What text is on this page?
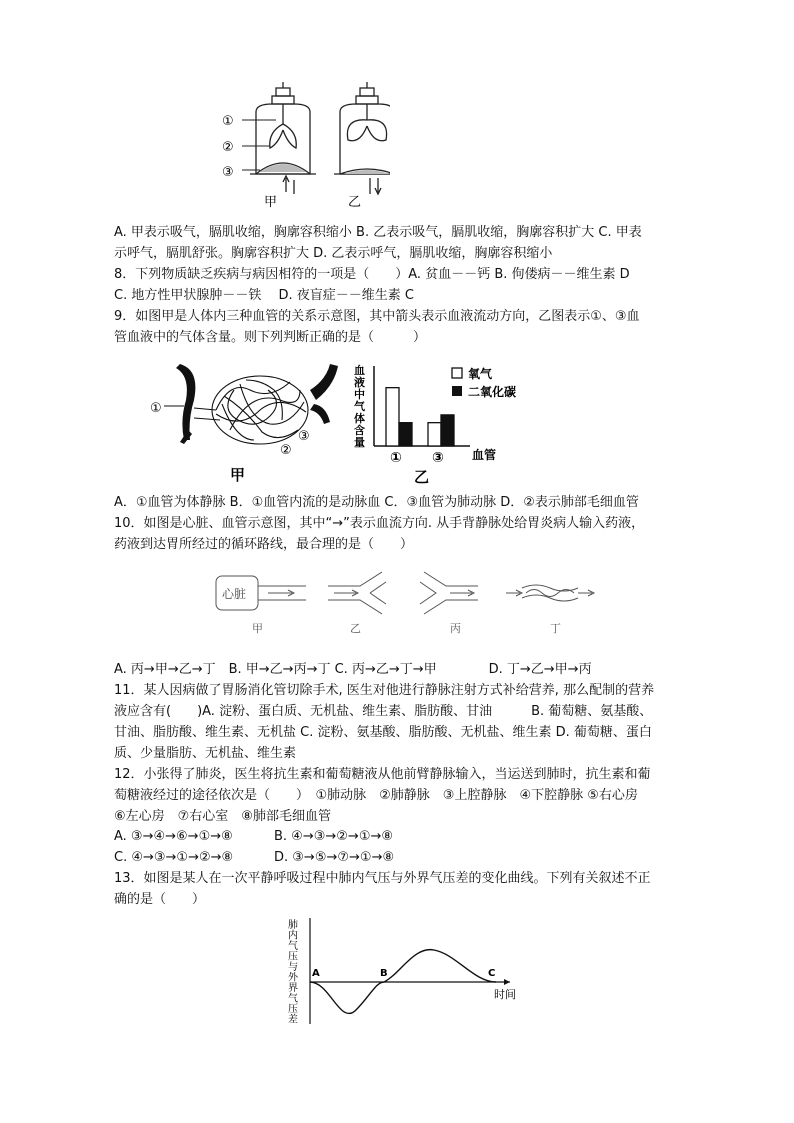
①
②
③
甲	乙
A. 甲表示吸气，膈肌收缩，胸廓容积缩小 B. 乙表示吸气，膈肌收缩，胸廓容积扩大 C. 甲表
示呼气，膈肌舒张。胸廓容积扩大 D. 乙表示呼气，膈肌收缩，胸廓容积缩小
8．下列物质缺乏疾病与病因相符的一项是（　　）A. 贫血－－钙 B. 佝偻病－－维生素 D
C. 地方性甲状腺肿－－铁　 D. 夜盲症－－维生素 C
9．如图甲是人体内三种血管的关系示意图，其中箭头表示血液流动方向，乙图表示①、③血
管血液中的气体含量。则下列判断正确的是（　　　）
①
②
③
甲
血
液
中
气
体
含
量
氧气
二氧化碳
血管
① ③
乙
A．①血管为体静脉 B．①血管内流的是动脉血 C．③血管为肺动脉 D．②表示肺部毛细血管
10．如图是心脏、血管示意图，其中“→”表示血流方向. 从手背静脉处给胃炎病人输入药液，
药液到达胃所经过的循环路线，最合理的是（　　）
心脏
甲	乙	丙	丁
A. 丙→甲→乙→丁　B. 甲→乙→丙→丁 C. 丙→乙→丁→甲　　　　D. 丁→乙→甲→丙
11．某人因病做了胃肠消化管切除手术, 医生对他进行静脉注射方式补给营养, 那么配制的营养
液应含有(　　)A. 淀粉、蛋白质、无机盐、维生素、脂肪酸、甘油　　　B. 葡萄糖、氨基酸、
甘油、脂肪酸、维生素、无机盐 C. 淀粉、氨基酸、脂肪酸、无机盐、维生素 D. 葡萄糖、蛋白
质、少量脂肪、无机盐、维生素
12．小张得了肺炎，医生将抗生素和葡萄糖液从他前臂静脉输入，当运送到肺时，抗生素和葡
萄糖液经过的途径依次是（　　）　①肺动脉　②肺静脉　③上腔静脉　④下腔静脉 ⑤右心房
⑥左心房　⑦右心室　⑧肺部毛细血管
A. ③→④→⑥→①→⑧	B. ④→③→②→①→⑧
C. ④→③→①→②→⑧	D. ③→⑤→⑦→①→⑧
13．如图是某人在一次平静呼吸过程中肺内气压与外界气压差的变化曲线。下列有关叙述不正
确的是（　　）
肺
内
气
压
与
外
界
气
压
差
A	B	C
时间
